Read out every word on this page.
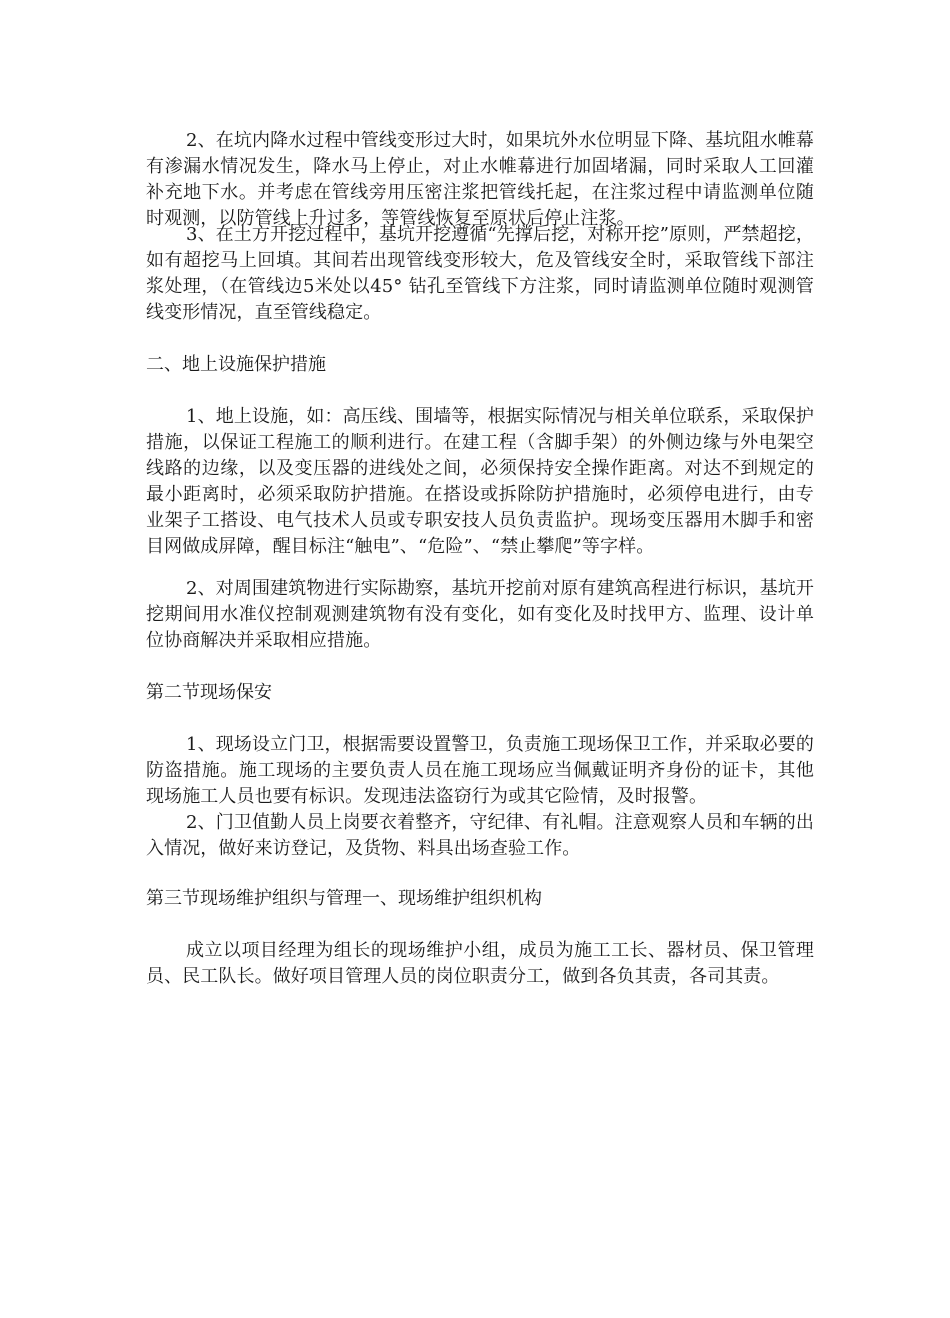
2、在坑内降水过程中管线变形过大时，如果坑外水位明显下降、基坑阻水帷幕有渗漏水情况发生，降水马上停止，对止水帷幕进行加固堵漏，同时采取人工回灌补充地下水。并考虑在管线旁用压密注浆把管线托起，在注浆过程中请监测单位随时观测，以防管线上升过多，等管线恢复至原状后停止注浆。

3、在土方开挖过程中，基坑开挖遵循“先撑后挖，对称开挖”原则，严禁超挖，如有超挖马上回填。其间若出现管线变形较大，危及管线安全时，采取管线下部注浆处理，（在管线边5米处以45° 钻孔至管线下方注浆，同时请监测单位随时观测管线变形情况，直至管线稳定。

二、地上设施保护措施

1、地上设施，如：高压线、围墙等，根据实际情况与相关单位联系，采取保护措施，以保证工程施工的顺利进行。在建工程（含脚手架）的外侧边缘与外电架空线路的边缘，以及变压器的进线处之间，必须保持安全操作距离。对达不到规定的最小距离时，必须采取防护措施。在搭设或拆除防护措施时，必须停电进行，由专业架子工搭设、电气技术人员或专职安技人员负责监护。现场变压器用木脚手和密目网做成屏障，醒目标注“触电”、“危险”、“禁止攀爬”等字样。

2、对周围建筑物进行实际勘察，基坑开挖前对原有建筑高程进行标识，基坑开挖期间用水准仪控制观测建筑物有没有变化，如有变化及时找甲方、监理、设计单位协商解决并采取相应措施。

第二节现场保安

1、现场设立门卫，根据需要设置警卫，负责施工现场保卫工作，并采取必要的防盗措施。施工现场的主要负责人员在施工现场应当佩戴证明齐身份的证卡，其他现场施工人员也要有标识。发现违法盗窃行为或其它险情，及时报警。

2、门卫值勤人员上岗要衣着整齐，守纪律、有礼帽。注意观察人员和车辆的出入情况，做好来访登记，及货物、料具出场查验工作。

第三节现场维护组织与管理一、现场维护组织机构

成立以项目经理为组长的现场维护小组，成员为施工工长、器材员、保卫管理员、民工队长。做好项目管理人员的岗位职责分工，做到各负其责，各司其责。
